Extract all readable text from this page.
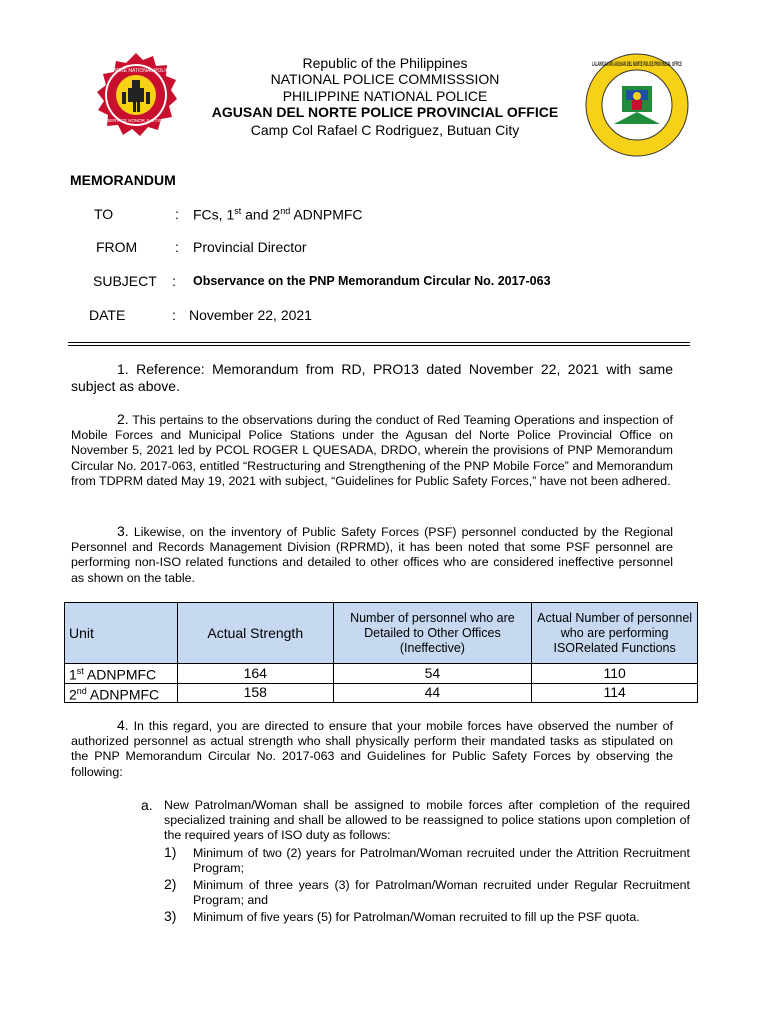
PHILIPPINE NATIONAL POLICE
SERVICE HONOR JUSTICE
LALAWIGAN NG AGUSAN DEL NORTE POLICE PROVINCIAL OFFICE
Republic of the Philippines
NATIONAL POLICE COMMISSSION
PHILIPPINE NATIONAL POLICE
AGUSAN DEL NORTE POLICE PROVINCIAL OFFICE
Camp Col Rafael C Rodriguez, Butuan City
MEMORANDUM
TO	: FCs, 1st and 2nd ADNPMFC
FROM	: Provincial Director
SUBJECT : Observance on the PNP Memorandum Circular No. 2017-063
DATE	: November 22, 2021
1. Reference: Memorandum from RD, PRO13 dated November 22, 2021 with same subject as above.
2. This pertains to the observations during the conduct of Red Teaming Operations and inspection of Mobile Forces and Municipal Police Stations under the Agusan del Norte Police Provincial Office on November 5, 2021 led by PCOL ROGER L QUESADA, DRDO, wherein the provisions of PNP Memorandum Circular No. 2017-063, entitled “Restructuring and Strengthening of the PNP Mobile Force” and Memorandum from TDPRM dated May 19, 2021 with subject, “Guidelines for Public Safety Forces,” have not been adhered.
3. Likewise, on the inventory of Public Safety Forces (PSF) personnel conducted by the Regional Personnel and Records Management Division (RPRMD), it has been noted that some PSF personnel are performing non-ISO related functions and detailed to other offices who are considered ineffective personnel as shown on the table.
Unit	Actual Strength	Number of personnel who are Detailed to Other Offices (Ineffective)	Actual Number of personnel who are performing ISORelated Functions
1st ADNPMFC	164	54	110
2nd ADNPMFC	158	44	114
4. In this regard, you are directed to ensure that your mobile forces have observed the number of authorized personnel as actual strength who shall physically perform their mandated tasks as stipulated on the PNP Memorandum Circular No. 2017-063 and Guidelines for Public Safety Forces by observing the following:
a. New Patrolman/Woman shall be assigned to mobile forces after completion of the required specialized training and shall be allowed to be reassigned to police stations upon completion of the required years of ISO duty as follows:
1) Minimum of two (2) years for Patrolman/Woman recruited under the Attrition Recruitment Program;
2) Minimum of three years (3) for Patrolman/Woman recruited under Regular Recruitment Program; and
3) Minimum of five years (5) for Patrolman/Woman recruited to fill up the PSF quota.
